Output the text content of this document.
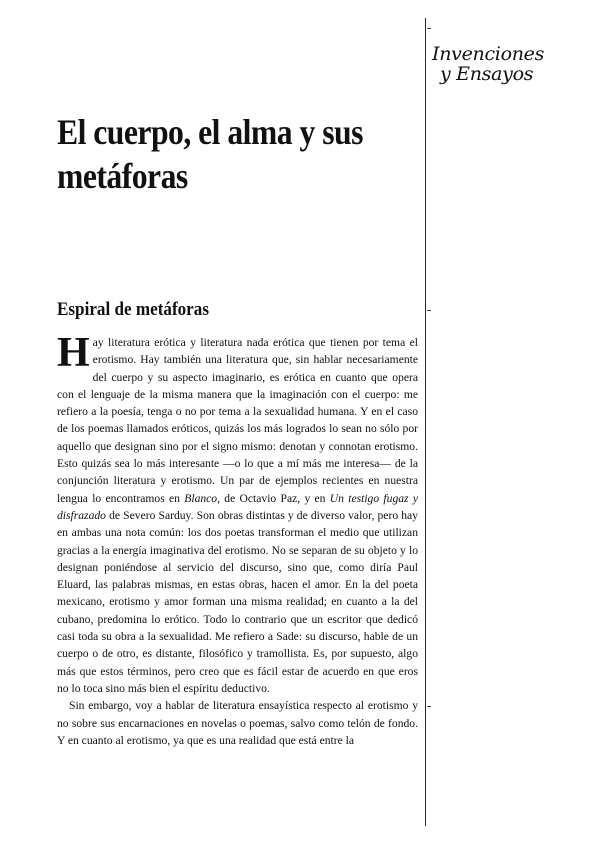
Invenciones
y Ensayos
El cuerpo, el alma y sus metáforas
Espiral de metáforas

Hay literatura erótica y literatura nada erótica que tienen por tema el erotismo. Hay también una literatura que, sin hablar necesariamente del cuerpo y su aspecto imaginario, es erótica en cuanto que opera con el lenguaje de la misma manera que la imaginación con el cuerpo: me refiero a la poesía, tenga o no por tema a la sexualidad humana. Y en el caso de los poemas llamados eróticos, quizás los más logrados lo sean no sólo por aquello que designan sino por el signo mismo: denotan y connotan erotismo. Esto quizás sea lo más interesante —o lo que a mí más me interesa— de la conjunción literatura y erotismo. Un par de ejemplos recientes en nuestra lengua lo encontramos en Blanco, de Octavio Paz, y en Un testigo fugaz y disfrazado de Severo Sarduy. Son obras distintas y de diverso valor, pero hay en ambas una nota común: los dos poetas transforman el medio que utilizan gracias a la energía imaginativa del erotismo. No se separan de su objeto y lo designan poniéndose al servicio del discurso, sino que, como diría Paul Eluard, las palabras mismas, en estas obras, hacen el amor. En la del poeta mexicano, erotismo y amor forman una misma realidad; en cuanto a la del cubano, predomina lo erótico. Todo lo contrario que un escritor que dedicó casi toda su obra a la sexualidad. Me refiero a Sade: su discurso, hable de un cuerpo o de otro, es distante, filosófico y tramollista. Es, por supuesto, algo más que estos términos, pero creo que es fácil estar de acuerdo en que eros no lo toca sino más bien el espíritu deductivo.

Sin embargo, voy a hablar de literatura ensayística respecto al erotismo y no sobre sus encarnaciones en novelas o poemas, salvo como telón de fondo. Y en cuanto al erotismo, ya que es una realidad que está entre la
